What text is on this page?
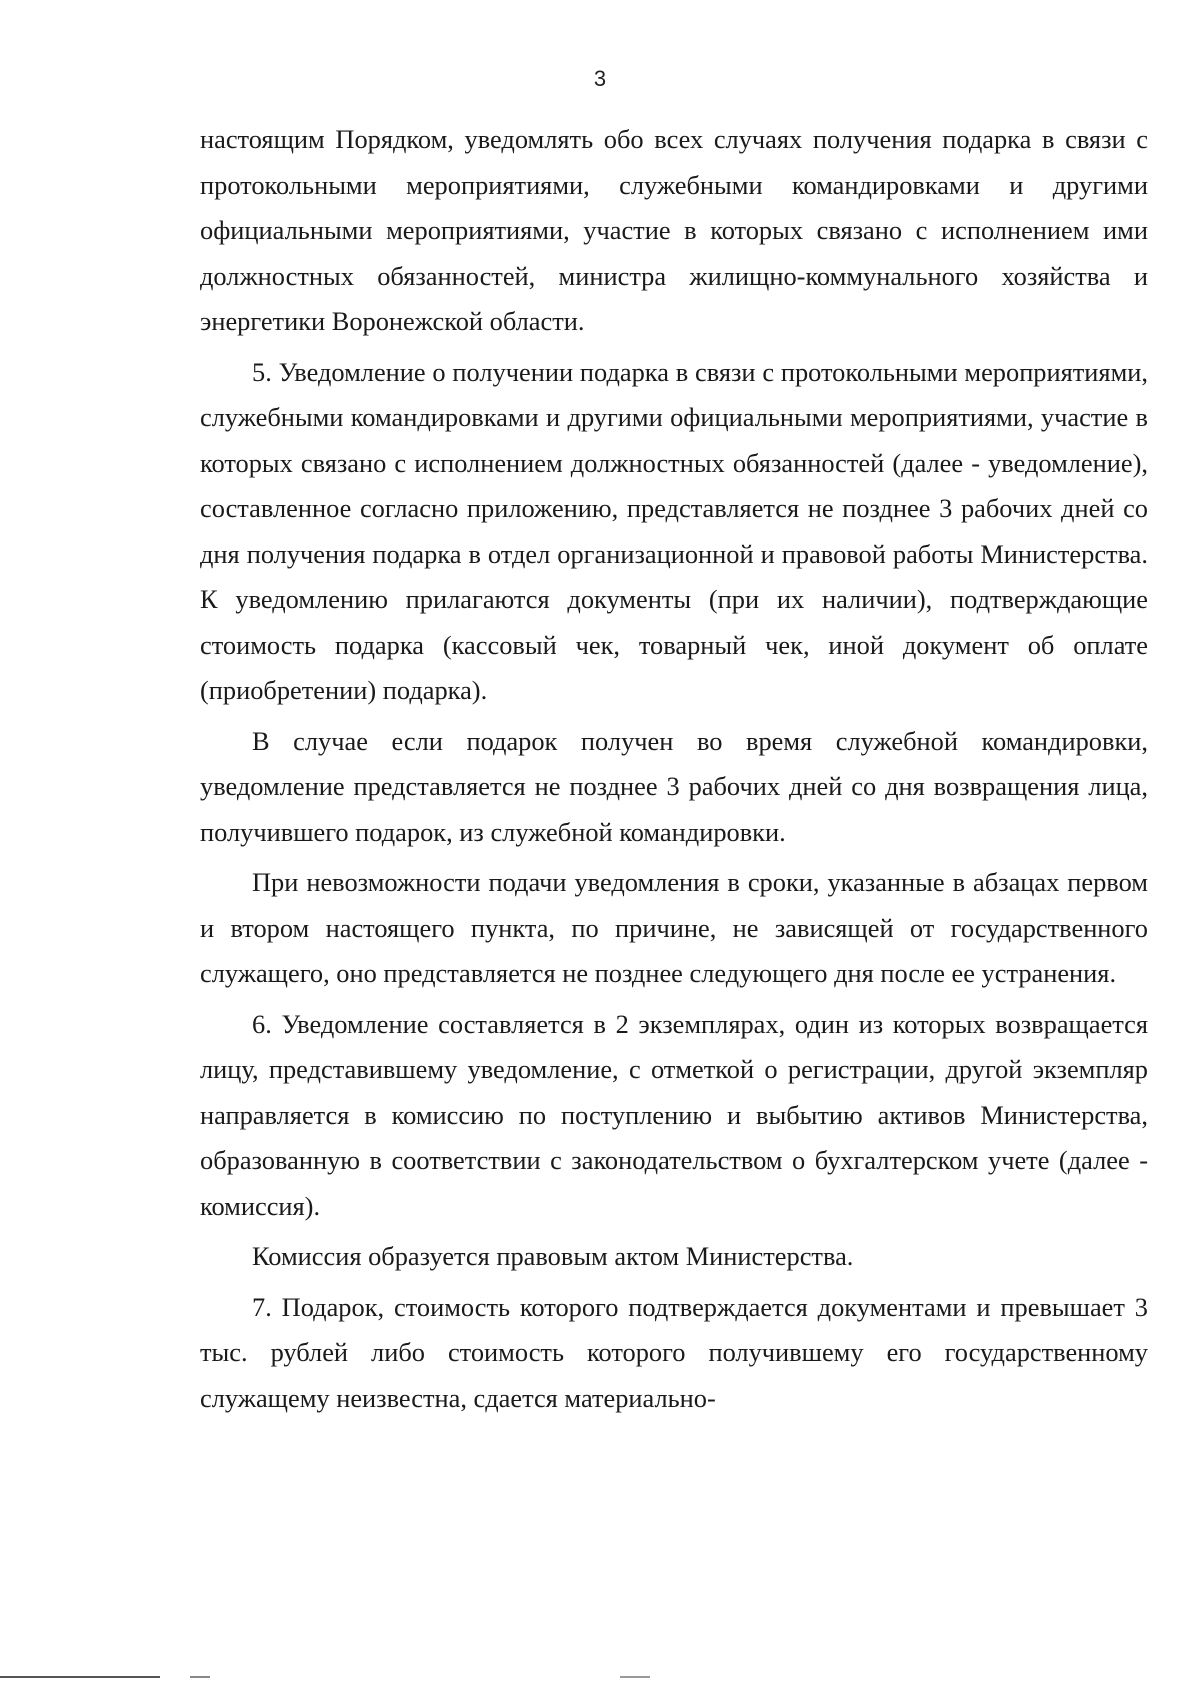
3

настоящим Порядком, уведомлять обо всех случаях получения подарка в связи с протокольными мероприятиями, служебными командировками и другими официальными мероприятиями, участие в которых связано с исполнением ими должностных обязанностей, министра жилищно-коммунального хозяйства и энергетики Воронежской области.

5. Уведомление о получении подарка в связи с протокольными мероприятиями, служебными командировками и другими официальными мероприятиями, участие в которых связано с исполнением должностных обязанностей (далее - уведомление), составленное согласно приложению, представляется не позднее 3 рабочих дней со дня получения подарка в отдел организационной и правовой работы Министерства. К уведомлению прилагаются документы (при их наличии), подтверждающие стоимость подарка (кассовый чек, товарный чек, иной документ об оплате (приобретении) подарка).

В случае если подарок получен во время служебной командировки, уведомление представляется не позднее 3 рабочих дней со дня возвращения лица, получившего подарок, из служебной командировки.

При невозможности подачи уведомления в сроки, указанные в абзацах первом и втором настоящего пункта, по причине, не зависящей от государственного служащего, оно представляется не позднее следующего дня после ее устранения.

6. Уведомление составляется в 2 экземплярах, один из которых возвращается лицу, представившему уведомление, с отметкой о регистрации, другой экземпляр направляется в комиссию по поступлению и выбытию активов Министерства, образованную в соответствии с законодательством о бухгалтерском учете (далее - комиссия).

Комиссия образуется правовым актом Министерства.

7. Подарок, стоимость которого подтверждается документами и превышает 3 тыс. рублей либо стоимость которого получившему его государственному служащему неизвестна, сдается материально-
